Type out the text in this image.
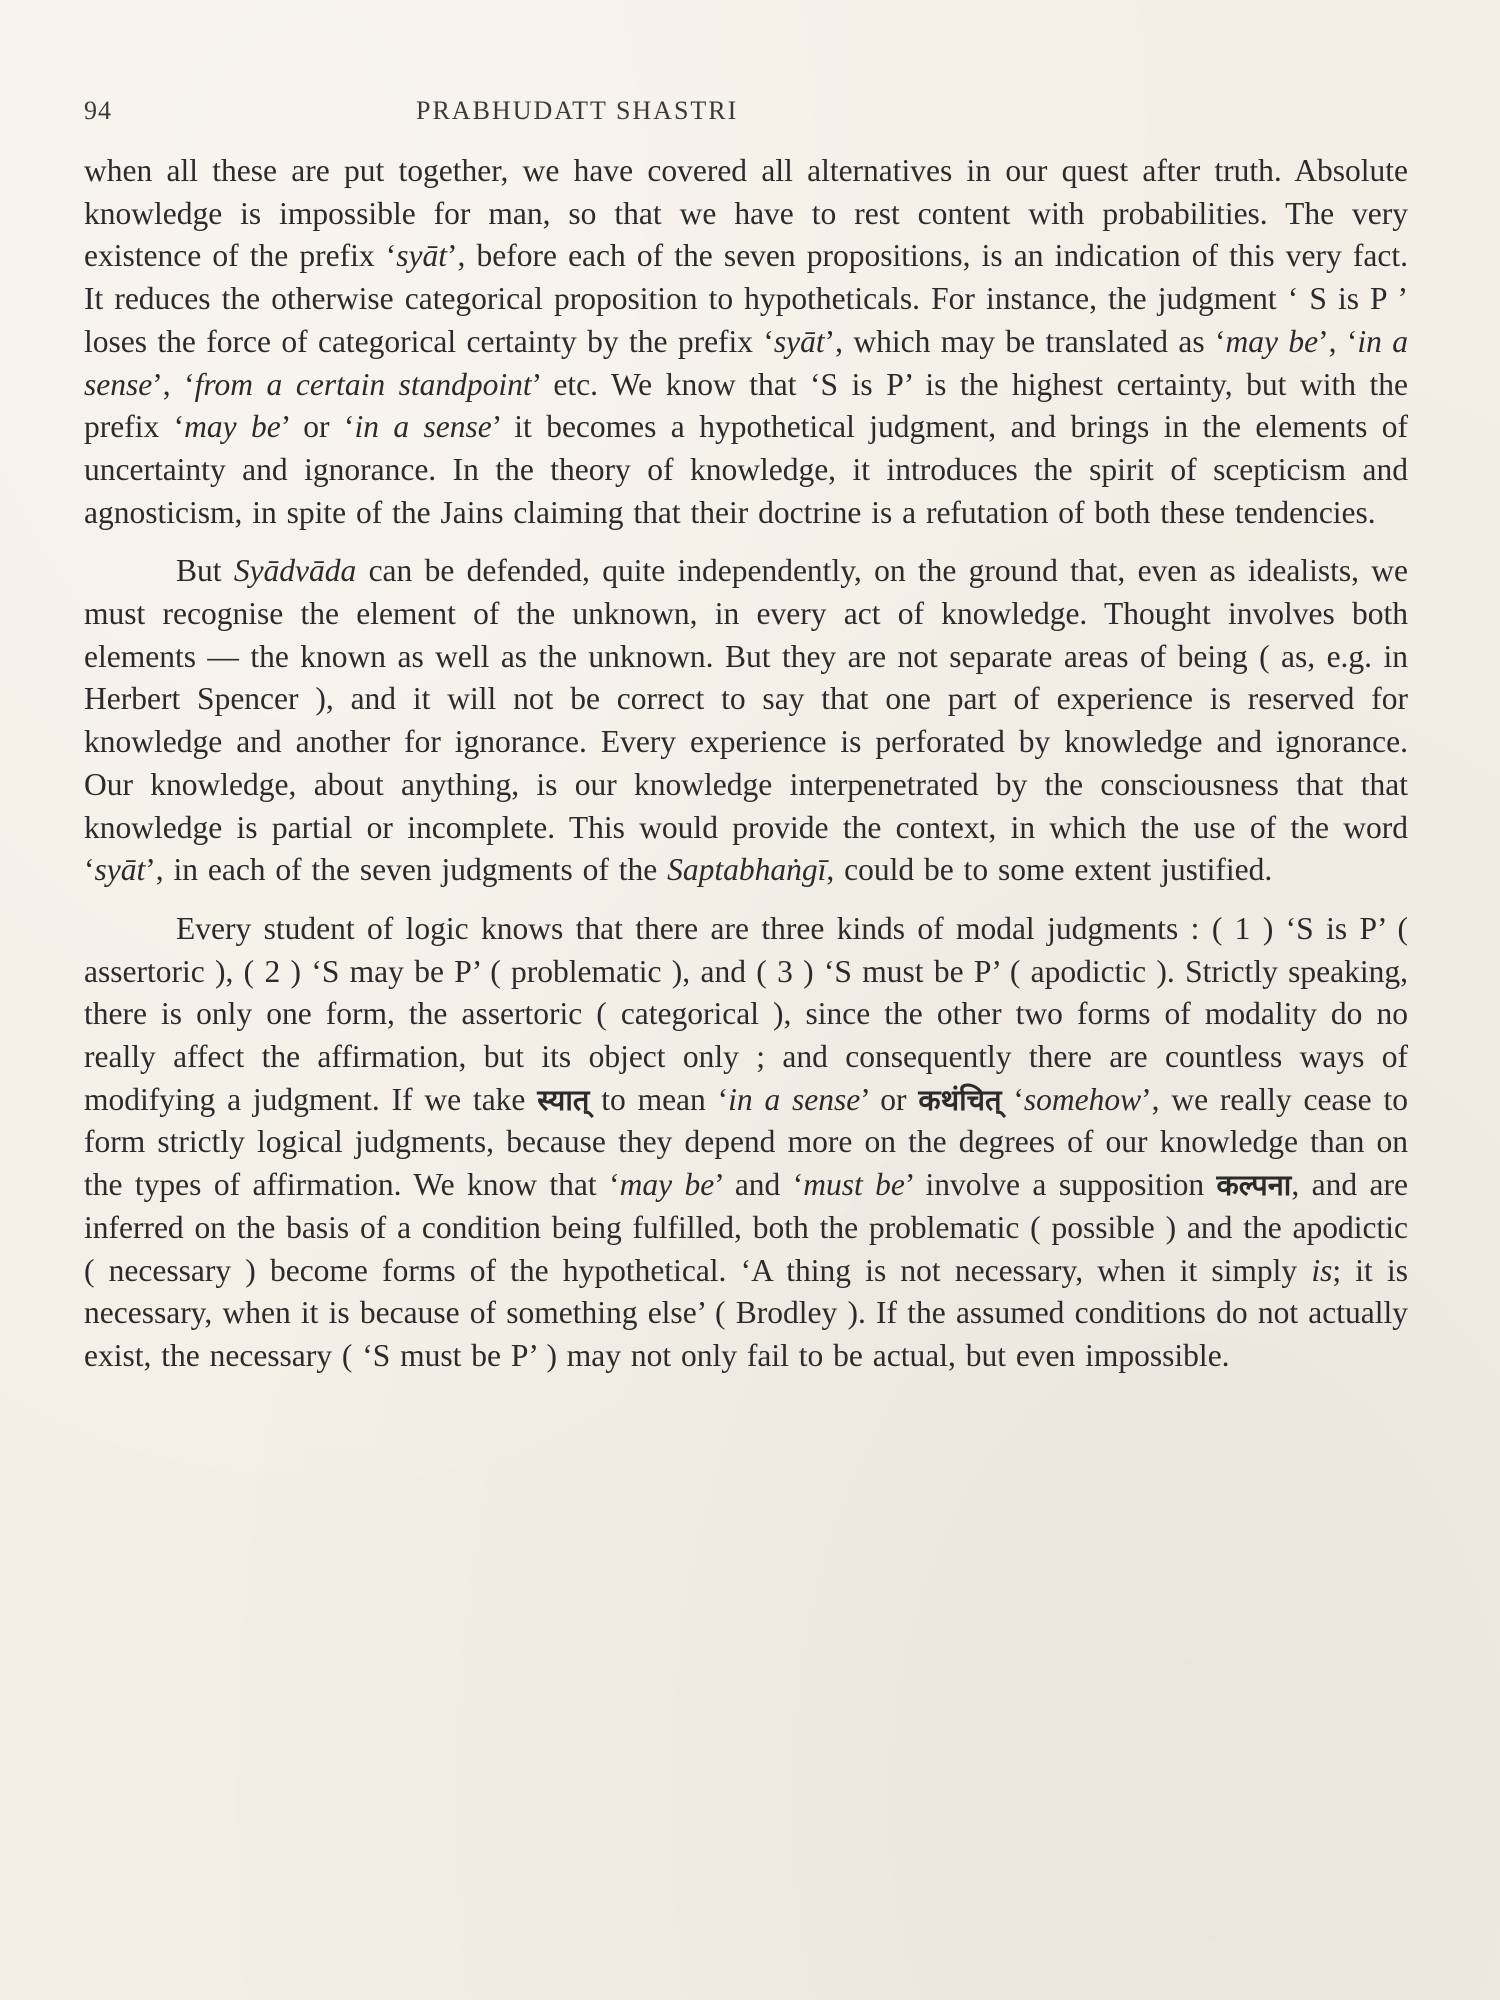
94	PRABHUDATT SHASTRI

when all these are put together, we have covered all alternatives in our quest after truth. Absolute knowledge is impossible for man, so that we have to rest content with probabilities. The very existence of the prefix ‘syāt’, before each of the seven propositions, is an indication of this very fact. It reduces the otherwise categorical proposition to hypotheticals. For instance, the judgment ‘ S is P ’ loses the force of categorical certainty by the prefix ‘syāt’, which may be translated as ‘may be’, ‘in a sense’, ‘from a certain standpoint’ etc. We know that ‘S is P’ is the highest certainty, but with the prefix ‘may be’ or ‘in a sense’ it becomes a hypothetical judgment, and brings in the elements of uncertainty and ignorance. In the theory of knowledge, it introduces the spirit of scepticism and agnosticism, in spite of the Jains claiming that their doctrine is a refutation of both these tendencies.

But Syādvāda can be defended, quite independently, on the ground that, even as idealists, we must recognise the element of the unknown, in every act of knowledge. Thought involves both elements — the known as well as the unknown. But they are not separate areas of being ( as, e.g. in Herbert Spencer ), and it will not be correct to say that one part of experience is reserved for knowledge and another for ignorance. Every experience is perforated by knowledge and ignorance. Our knowledge, about anything, is our knowledge interpenetrated by the consciousness that that knowledge is partial or incomplete. This would provide the context, in which the use of the word ‘syāt’, in each of the seven judgments of the Saptabhaṅgī, could be to some extent justified.

Every student of logic knows that there are three kinds of modal judgments : ( 1 ) ‘S is P’ ( assertoric ), ( 2 ) ‘S may be P’ ( problematic ), and ( 3 ) ‘S must be P’ ( apodictic ). Strictly speaking, there is only one form, the assertoric ( categorical ), since the other two forms of modality do no really affect the affirmation, but its object only ; and consequently there are countless ways of modifying a judgment. If we take स्यात् to mean ‘in a sense’ or कथंचित् ‘somehow’, we really cease to form strictly logical judgments, because they depend more on the degrees of our knowledge than on the types of affirmation. We know that ‘may be’ and ‘must be’ involve a supposition कल्पना, and are inferred on the basis of a condition being fulfilled, both the problematic ( possible ) and the apodictic ( necessary ) become forms of the hypothetical. ‘A thing is not necessary, when it simply is; it is necessary, when it is because of something else’ ( Brodley ). If the assumed conditions do not actually exist, the necessary ( ‘S must be P’ ) may not only fail to be actual, but even impossible.
